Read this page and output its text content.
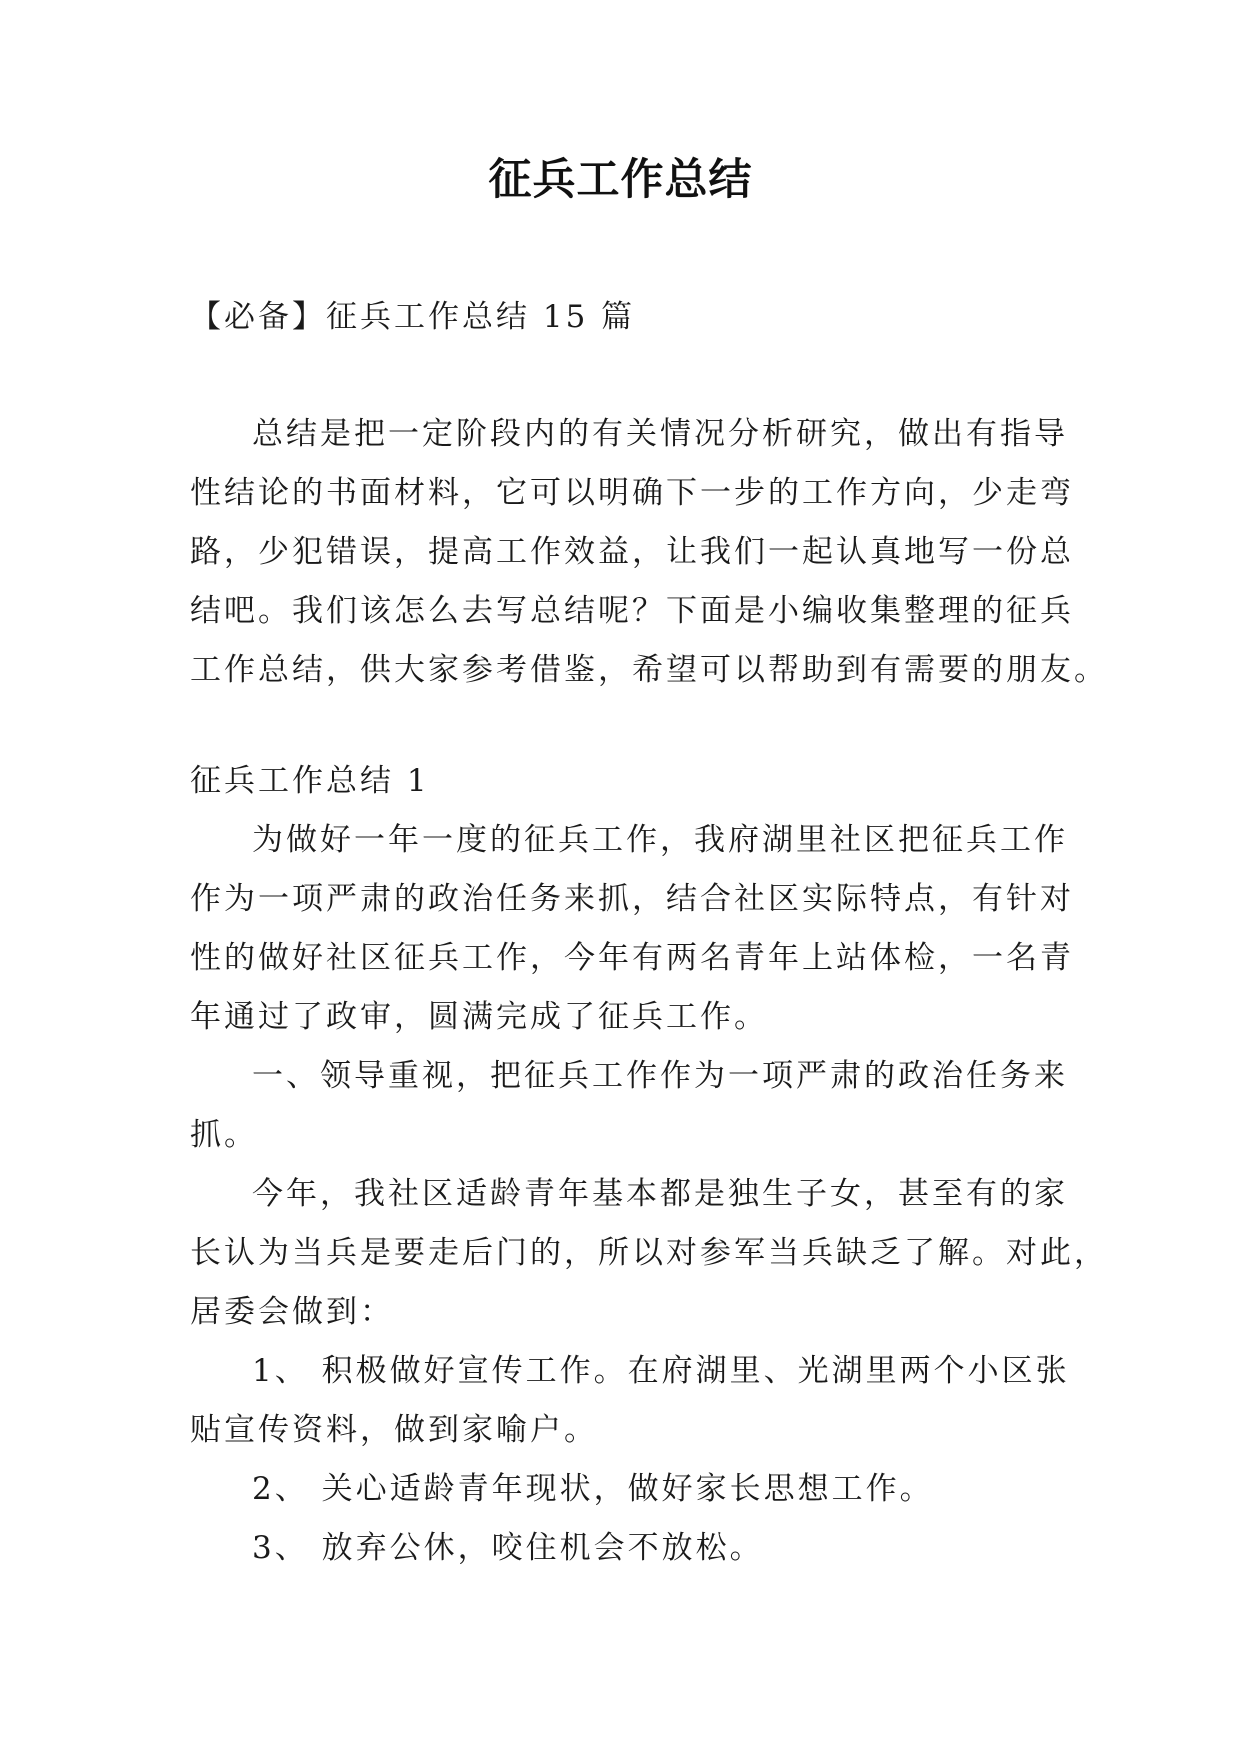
征兵工作总结

【必备】征兵工作总结 15 篇

总结是把一定阶段内的有关情况分析研究，做出有指导
性结论的书面材料，它可以明确下一步的工作方向，少走弯
路，少犯错误，提高工作效益，让我们一起认真地写一份总
结吧。我们该怎么去写总结呢？下面是小编收集整理的征兵
工作总结，供大家参考借鉴，希望可以帮助到有需要的朋友。

征兵工作总结 1

为做好一年一度的征兵工作，我府湖里社区把征兵工作
作为一项严肃的政治任务来抓，结合社区实际特点，有针对
性的做好社区征兵工作，今年有两名青年上站体检，一名青
年通过了政审，圆满完成了征兵工作。

一、领导重视，把征兵工作作为一项严肃的政治任务来
抓。

今年，我社区适龄青年基本都是独生子女，甚至有的家
长认为当兵是要走后门的，所以对参军当兵缺乏了解。对此，
居委会做到：

1、 积极做好宣传工作。在府湖里、光湖里两个小区张
贴宣传资料，做到家喻户。

2、 关心适龄青年现状，做好家长思想工作。

3、 放弃公休，咬住机会不放松。
